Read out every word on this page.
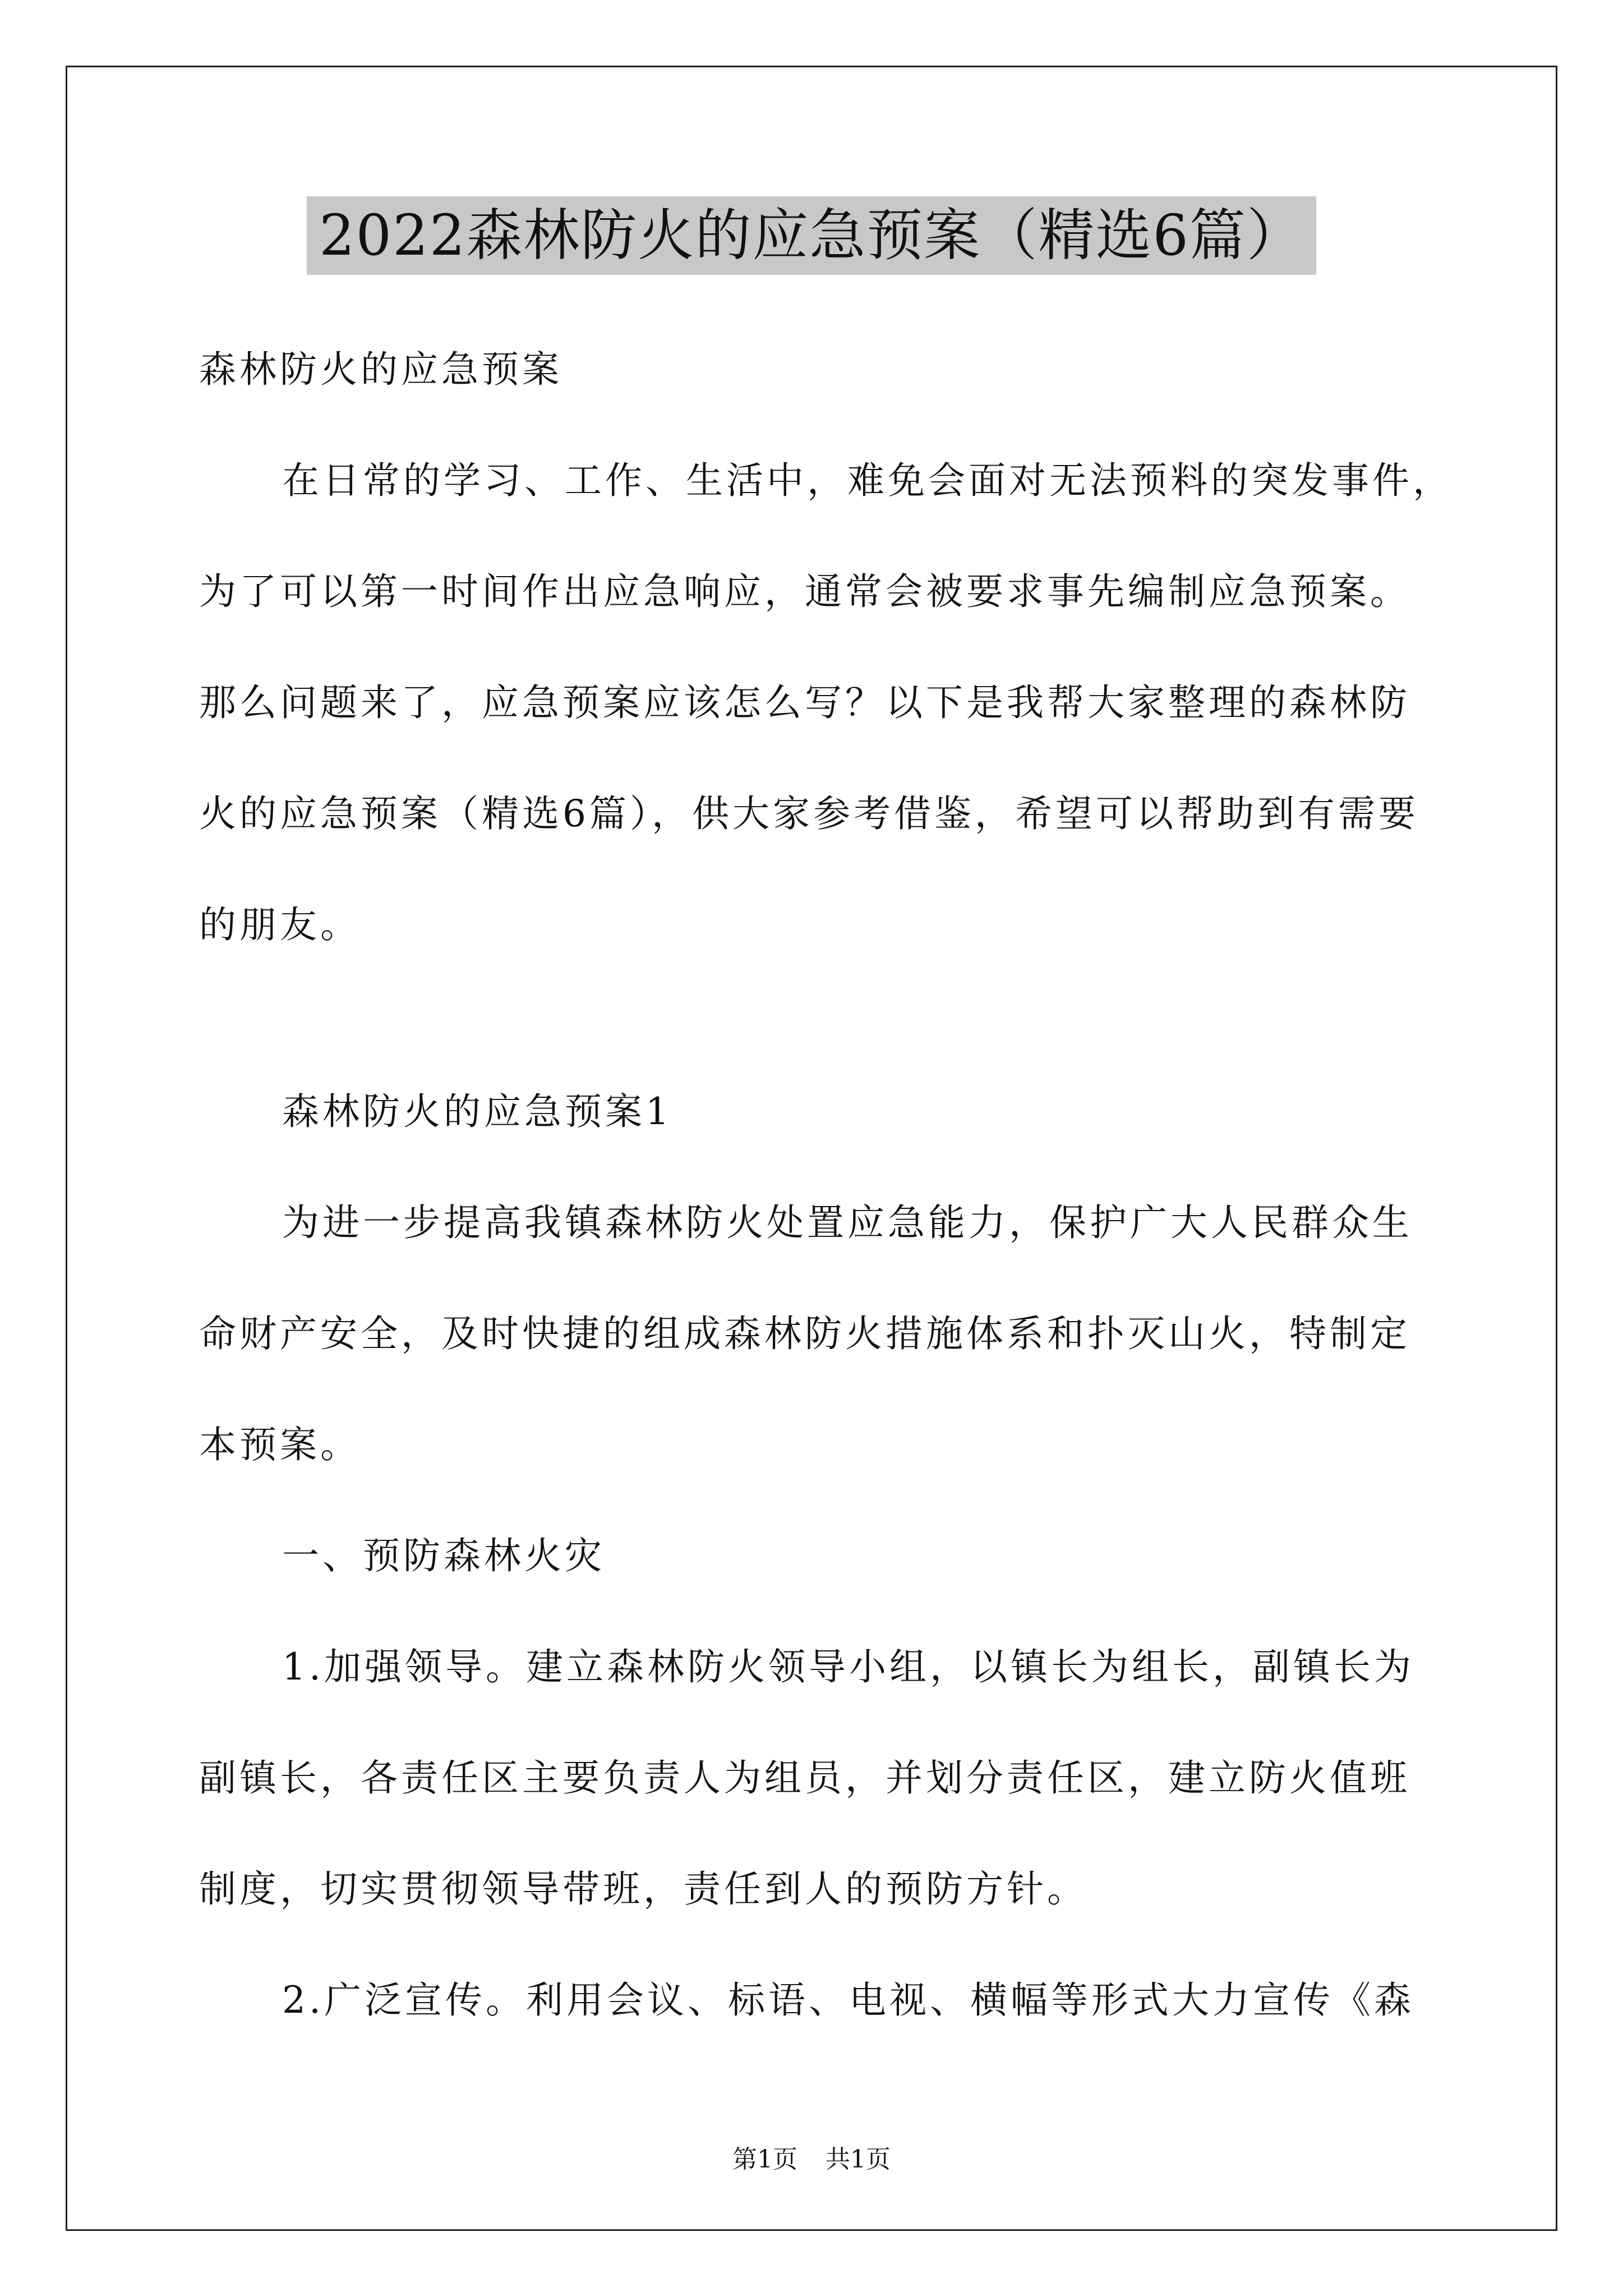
2022森林防火的应急预案（精选6篇）

森林防火的应急预案

在日常的学习、工作、生活中，难免会面对无法预料的突发事件，

为了可以第一时间作出应急响应，通常会被要求事先编制应急预案。

那么问题来了，应急预案应该怎么写？以下是我帮大家整理的森林防

火的应急预案（精选6篇），供大家参考借鉴，希望可以帮助到有需要

的朋友。

森林防火的应急预案1

为进一步提高我镇森林防火处置应急能力，保护广大人民群众生

命财产安全，及时快捷的组成森林防火措施体系和扑灭山火，特制定

本预案。

一、预防森林火灾

1.加强领导。建立森林防火领导小组，以镇长为组长，副镇长为

副镇长，各责任区主要负责人为组员，并划分责任区，建立防火值班

制度，切实贯彻领导带班，责任到人的预防方针。

2.广泛宣传。利用会议、标语、电视、横幅等形式大力宣传《森

第1页 共1页
